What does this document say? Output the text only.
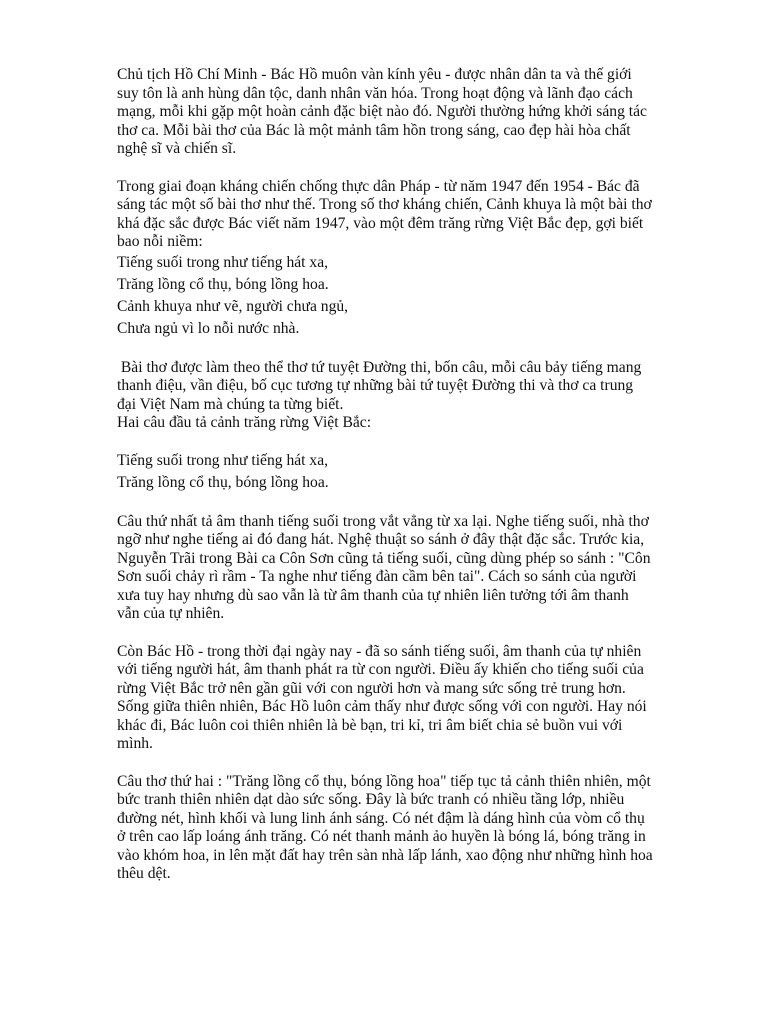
Chủ tịch Hồ Chí Minh - Bác Hồ muôn vàn kính yêu - được nhân dân ta và thế giới
suy tôn là anh hùng dân tộc, danh nhân văn hóa. Trong hoạt động và lãnh đạo cách
mạng, mỗi khi gặp một hoàn cảnh đặc biệt nào đó. Người thường hứng khởi sáng tác
thơ ca. Mỗi bài thơ của Bác là một mảnh tâm hồn trong sáng, cao đẹp hài hòa chất
nghệ sĩ và chiến sĩ.

Trong giai đoạn kháng chiến chống thực dân Pháp - từ năm 1947 đến 1954 - Bác đã
sáng tác một số bài thơ như thế. Trong số thơ kháng chiến, Cảnh khuya là một bài thơ
khá đặc sắc được Bác viết năm 1947, vào một đêm trăng rừng Việt Bắc đẹp, gợi biết
bao nỗi niềm:

Tiếng suối trong như tiếng hát xa,
Trăng lồng cổ thụ, bóng lồng hoa.
Cảnh khuya như vẽ, người chưa ngủ,
Chưa ngủ vì lo nỗi nước nhà.

Bài thơ được làm theo thể thơ tứ tuyệt Đường thi, bốn câu, mỗi câu bảy tiếng mang
thanh điệu, vần điệu, bố cục tương tự những bài tứ tuyệt Đường thi và thơ ca trung
đại Việt Nam mà chúng ta từng biết.
Hai câu đầu tả cảnh trăng rừng Việt Bắc:

Tiếng suối trong như tiếng hát xa,
Trăng lồng cổ thụ, bóng lồng hoa.

Câu thứ nhất tả âm thanh tiếng suối trong vắt vẳng từ xa lại. Nghe tiếng suối, nhà thơ
ngỡ như nghe tiếng ai đó đang hát. Nghệ thuật so sánh ở đây thật đặc sắc. Trước kia,
Nguyễn Trãi trong Bài ca Côn Sơn cũng tả tiếng suối, cũng dùng phép so sánh : "Côn
Sơn suối chảy rì rầm - Ta nghe như tiếng đàn cầm bên tai". Cách so sánh của người
xưa tuy hay nhưng dù sao vẫn là từ âm thanh của tự nhiên liên tưởng tới âm thanh
vẫn của tự nhiên.

Còn Bác Hồ - trong thời đại ngày nay - đã so sánh tiếng suối, âm thanh của tự nhiên
với tiếng người hát, âm thanh phát ra từ con người. Điều ấy khiến cho tiếng suối của
rừng Việt Bắc trở nên gần gũi với con người hơn và mang sức sống trẻ trung hơn.
Sống giữa thiên nhiên, Bác Hồ luôn cảm thấy như được sống với con người. Hay nói
khác đi, Bác luôn coi thiên nhiên là bè bạn, tri kỉ, tri âm biết chia sẻ buồn vui với
mình.

Câu thơ thứ hai : "Trăng lồng cổ thụ, bóng lồng hoa" tiếp tục tả cảnh thiên nhiên, một
bức tranh thiên nhiên dạt dào sức sống. Đây là bức tranh có nhiều tầng lớp, nhiều
đường nét, hình khối và lung linh ánh sáng. Có nét đậm là dáng hình của vòm cổ thụ
ở trên cao lấp loáng ánh trăng. Có nét thanh mảnh ảo huyền là bóng lá, bóng trăng in
vào khóm hoa, in lên mặt đất hay trên sàn nhà lấp lánh, xao động như những hình hoa
thêu dệt.
